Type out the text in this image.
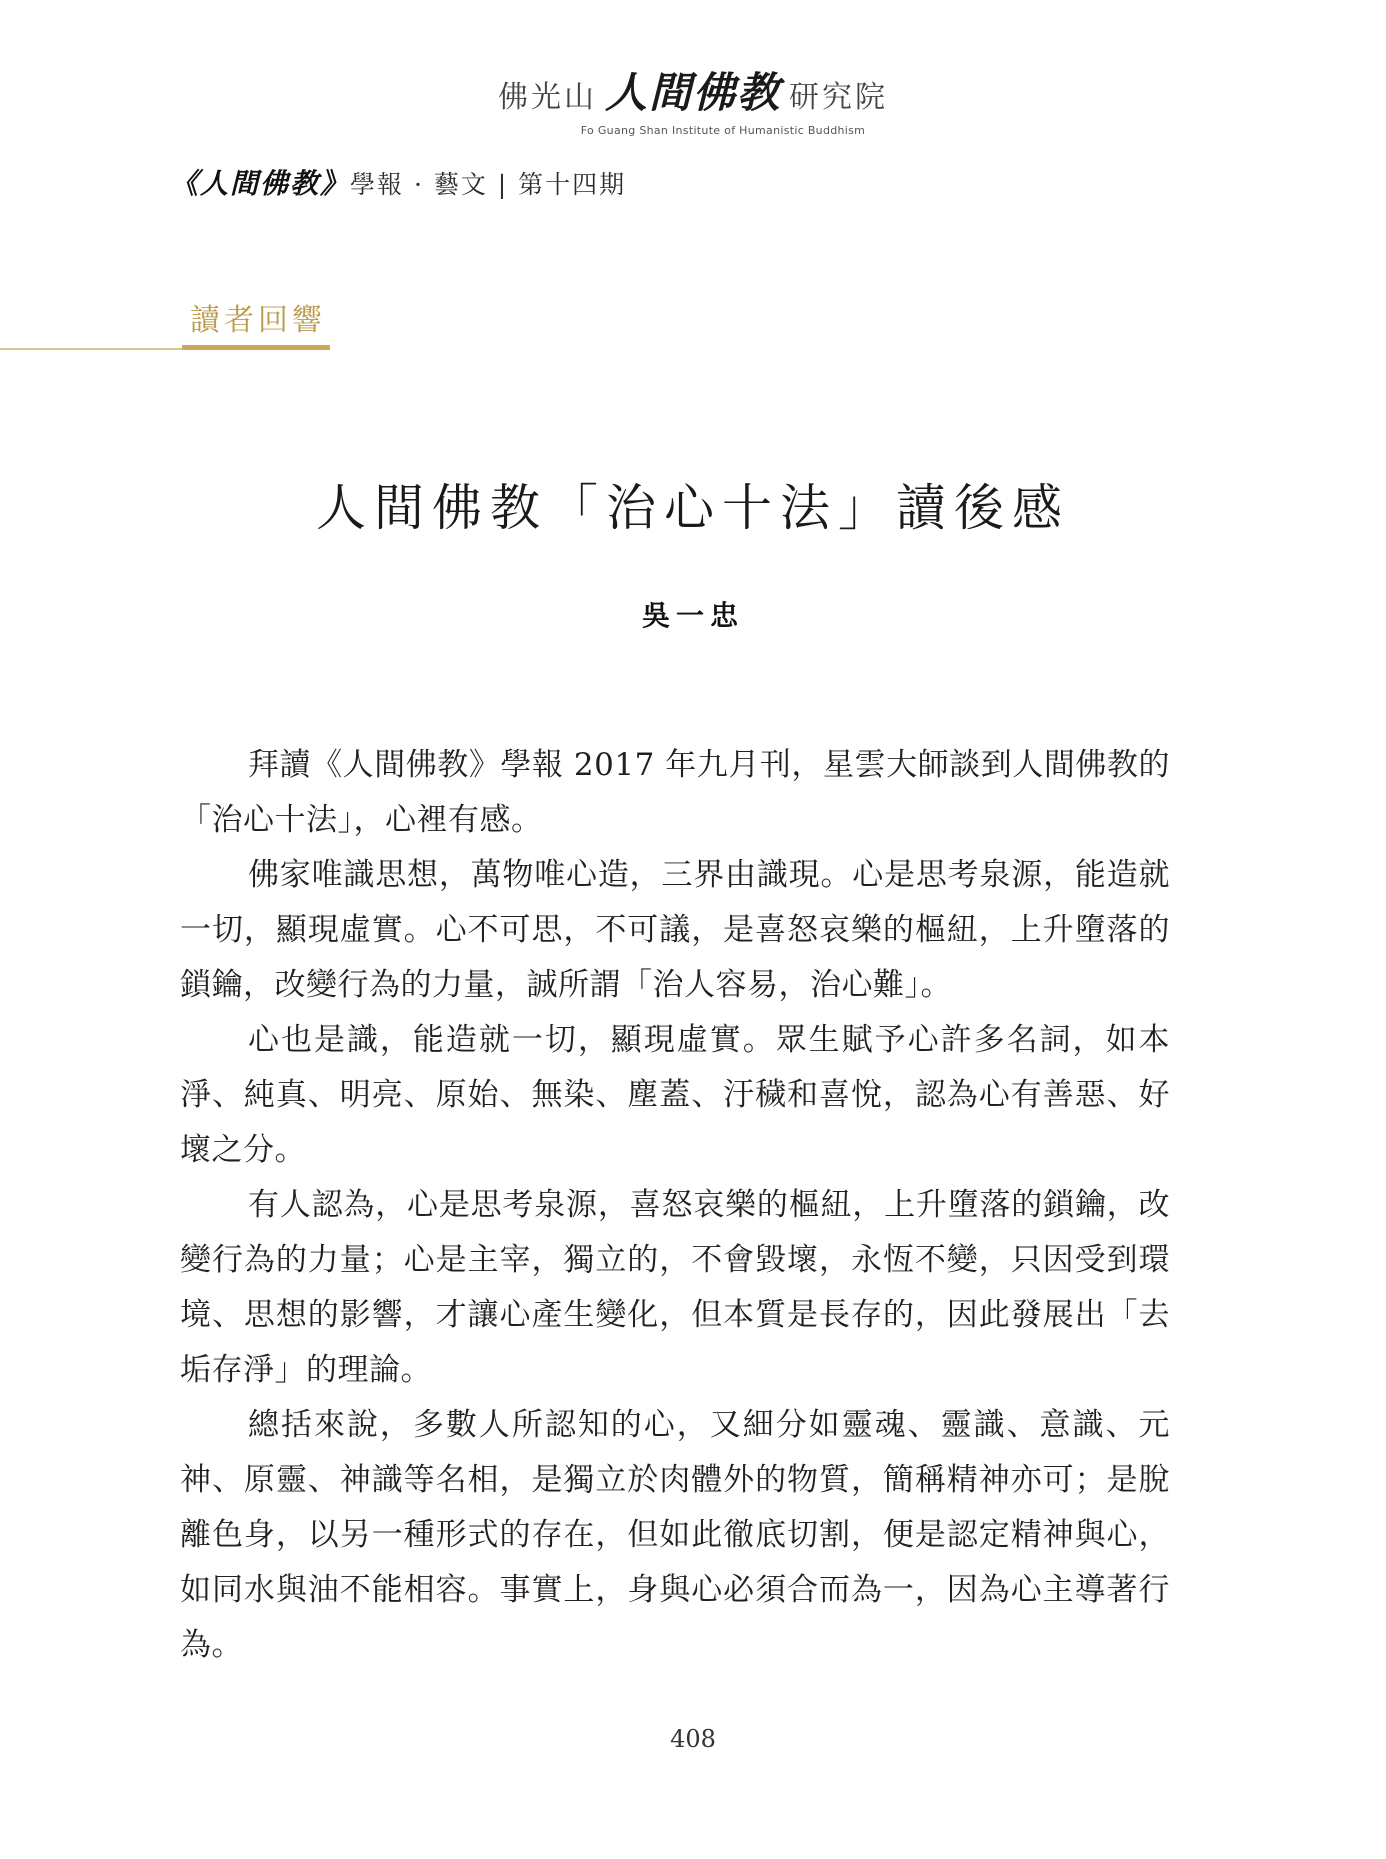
佛光山 人間佛教 研究院
Fo Guang Shan Institute of Humanistic Buddhism
《人間佛教》 學報 · 藝文 | 第十四期
讀者回響
人間佛教「治心十法」讀後感
吳一忠

拜讀《人間佛教》學報 2017 年九月刊，星雲大師談到人間佛教的「治心十法」，心裡有感。

佛家唯識思想，萬物唯心造，三界由識現。心是思考泉源，能造就一切，顯現虛實。心不可思，不可議，是喜怒哀樂的樞紐，上升墮落的鎖鑰，改變行為的力量，誠所謂「治人容易，治心難」。

心也是識，能造就一切，顯現虛實。眾生賦予心許多名詞，如本淨、純真、明亮、原始、無染、塵蓋、汙穢和喜悅，認為心有善惡、好壞之分。

有人認為，心是思考泉源，喜怒哀樂的樞紐，上升墮落的鎖鑰，改變行為的力量；心是主宰，獨立的，不會毀壞，永恆不變，只因受到環境、思想的影響，才讓心產生變化，但本質是長存的，因此發展出「去垢存淨」的理論。

總括來說，多數人所認知的心，又細分如靈魂、靈識、意識、元神、原靈、神識等名相，是獨立於肉體外的物質，簡稱精神亦可；是脫離色身，以另一種形式的存在，但如此徹底切割，便是認定精神與心，如同水與油不能相容。事實上，身與心必須合而為一，因為心主導著行為。

408
